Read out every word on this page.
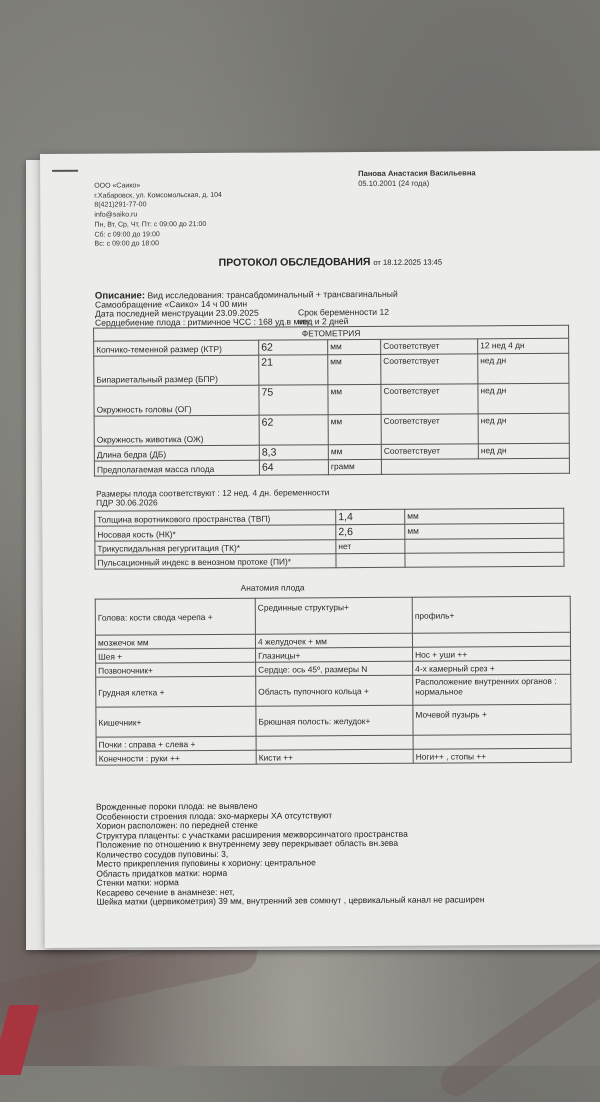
ООО «Саико»
г.Хабаровск, ул. Комсомольская, д. 104
8(421)291-77-00
info@saiko.ru
Пн, Вт, Ср, Чт, Пт: с 09:00 до 21:00
Сб: с 09:00 до 19:00
Вс: с 09:00 до 18:00
Панова Анастасия Васильевна
05.10.2001 (24 года)
ПРОТОКОЛ ОБСЛЕДОВАНИЯ от 18.12.2025 13:45
Описание: Вид исследования: трансабдоминальный + трансвагинальный
Самообращение «Саико» 14 ч 00 мин
Дата последней менструации 23.09.2025	Срок беременности 12 нед и 2 дней
Сердцебиение плода : ритмичное ЧСС : 168 уд.в мин.
ФЕТОМЕТРИЯ				
Копчико-теменной размер (КТР)	62	мм	Соответствует	12 нед 4 дн
Бипариетальный размер (БПР)	21	мм	Соответствует	нед дн
Окружность головы (ОГ)	75	мм	Соответствует	нед дн
Окружность животика (ОЖ)	62	мм	Соответствует	нед дн
Длина бедра (ДБ)	8,3	мм	Соответствует	нед дн
Предполагаемая масса плода	64	грамм		
Размеры плода соответствуют : 12 нед. 4 дн. беременности
ПДР 30.06.2026
Толщина воротникового пространства (ТВП)	1,4	мм
Носовая кость (НК)*	2,6	мм
Трикуспидальная регургитация (ТК)*	нет	
Пульсационный индекс в венозном протоке (ПИ)*		
Анатомия плода
Голова: кости свода черепа +	Срединные структуры+	профиль+
мозжечок мм	4 желудочек + мм	
Шея +	Глазницы+	Нос + уши ++
Позвоночник+	Сердце: ось 45º, размеры N	4-х камерный срез +
Грудная клетка +	Область пупочного кольца +	Расположение внутренних органов : нормальное
Кишечник+	Брюшная полость: желудок+	Мочевой пузырь +
Почки : справа + слева +		
Конечности : руки ++	Кисти ++	Ноги++ , стопы ++
Врожденные пороки плода: не выявлено
Особенности строения плода: эхо-маркеры ХА отсутствуют
Хорион расположен: по передней стенке
Структура плаценты: с участками расширения межворсинчатого пространства
Положение по отношению к внутреннему зеву перекрывает область вн.зева
Количество сосудов пуповины: 3,
Место прикрепления пуповины к хориону: центральное
Область придатков матки: норма
Стенки матки: норма
Кесарево сечение в анамнезе: нет,
Шейка матки (цервикометрия) 39 мм, внутренний зев сомкнут , цервикальный канал не расширен
